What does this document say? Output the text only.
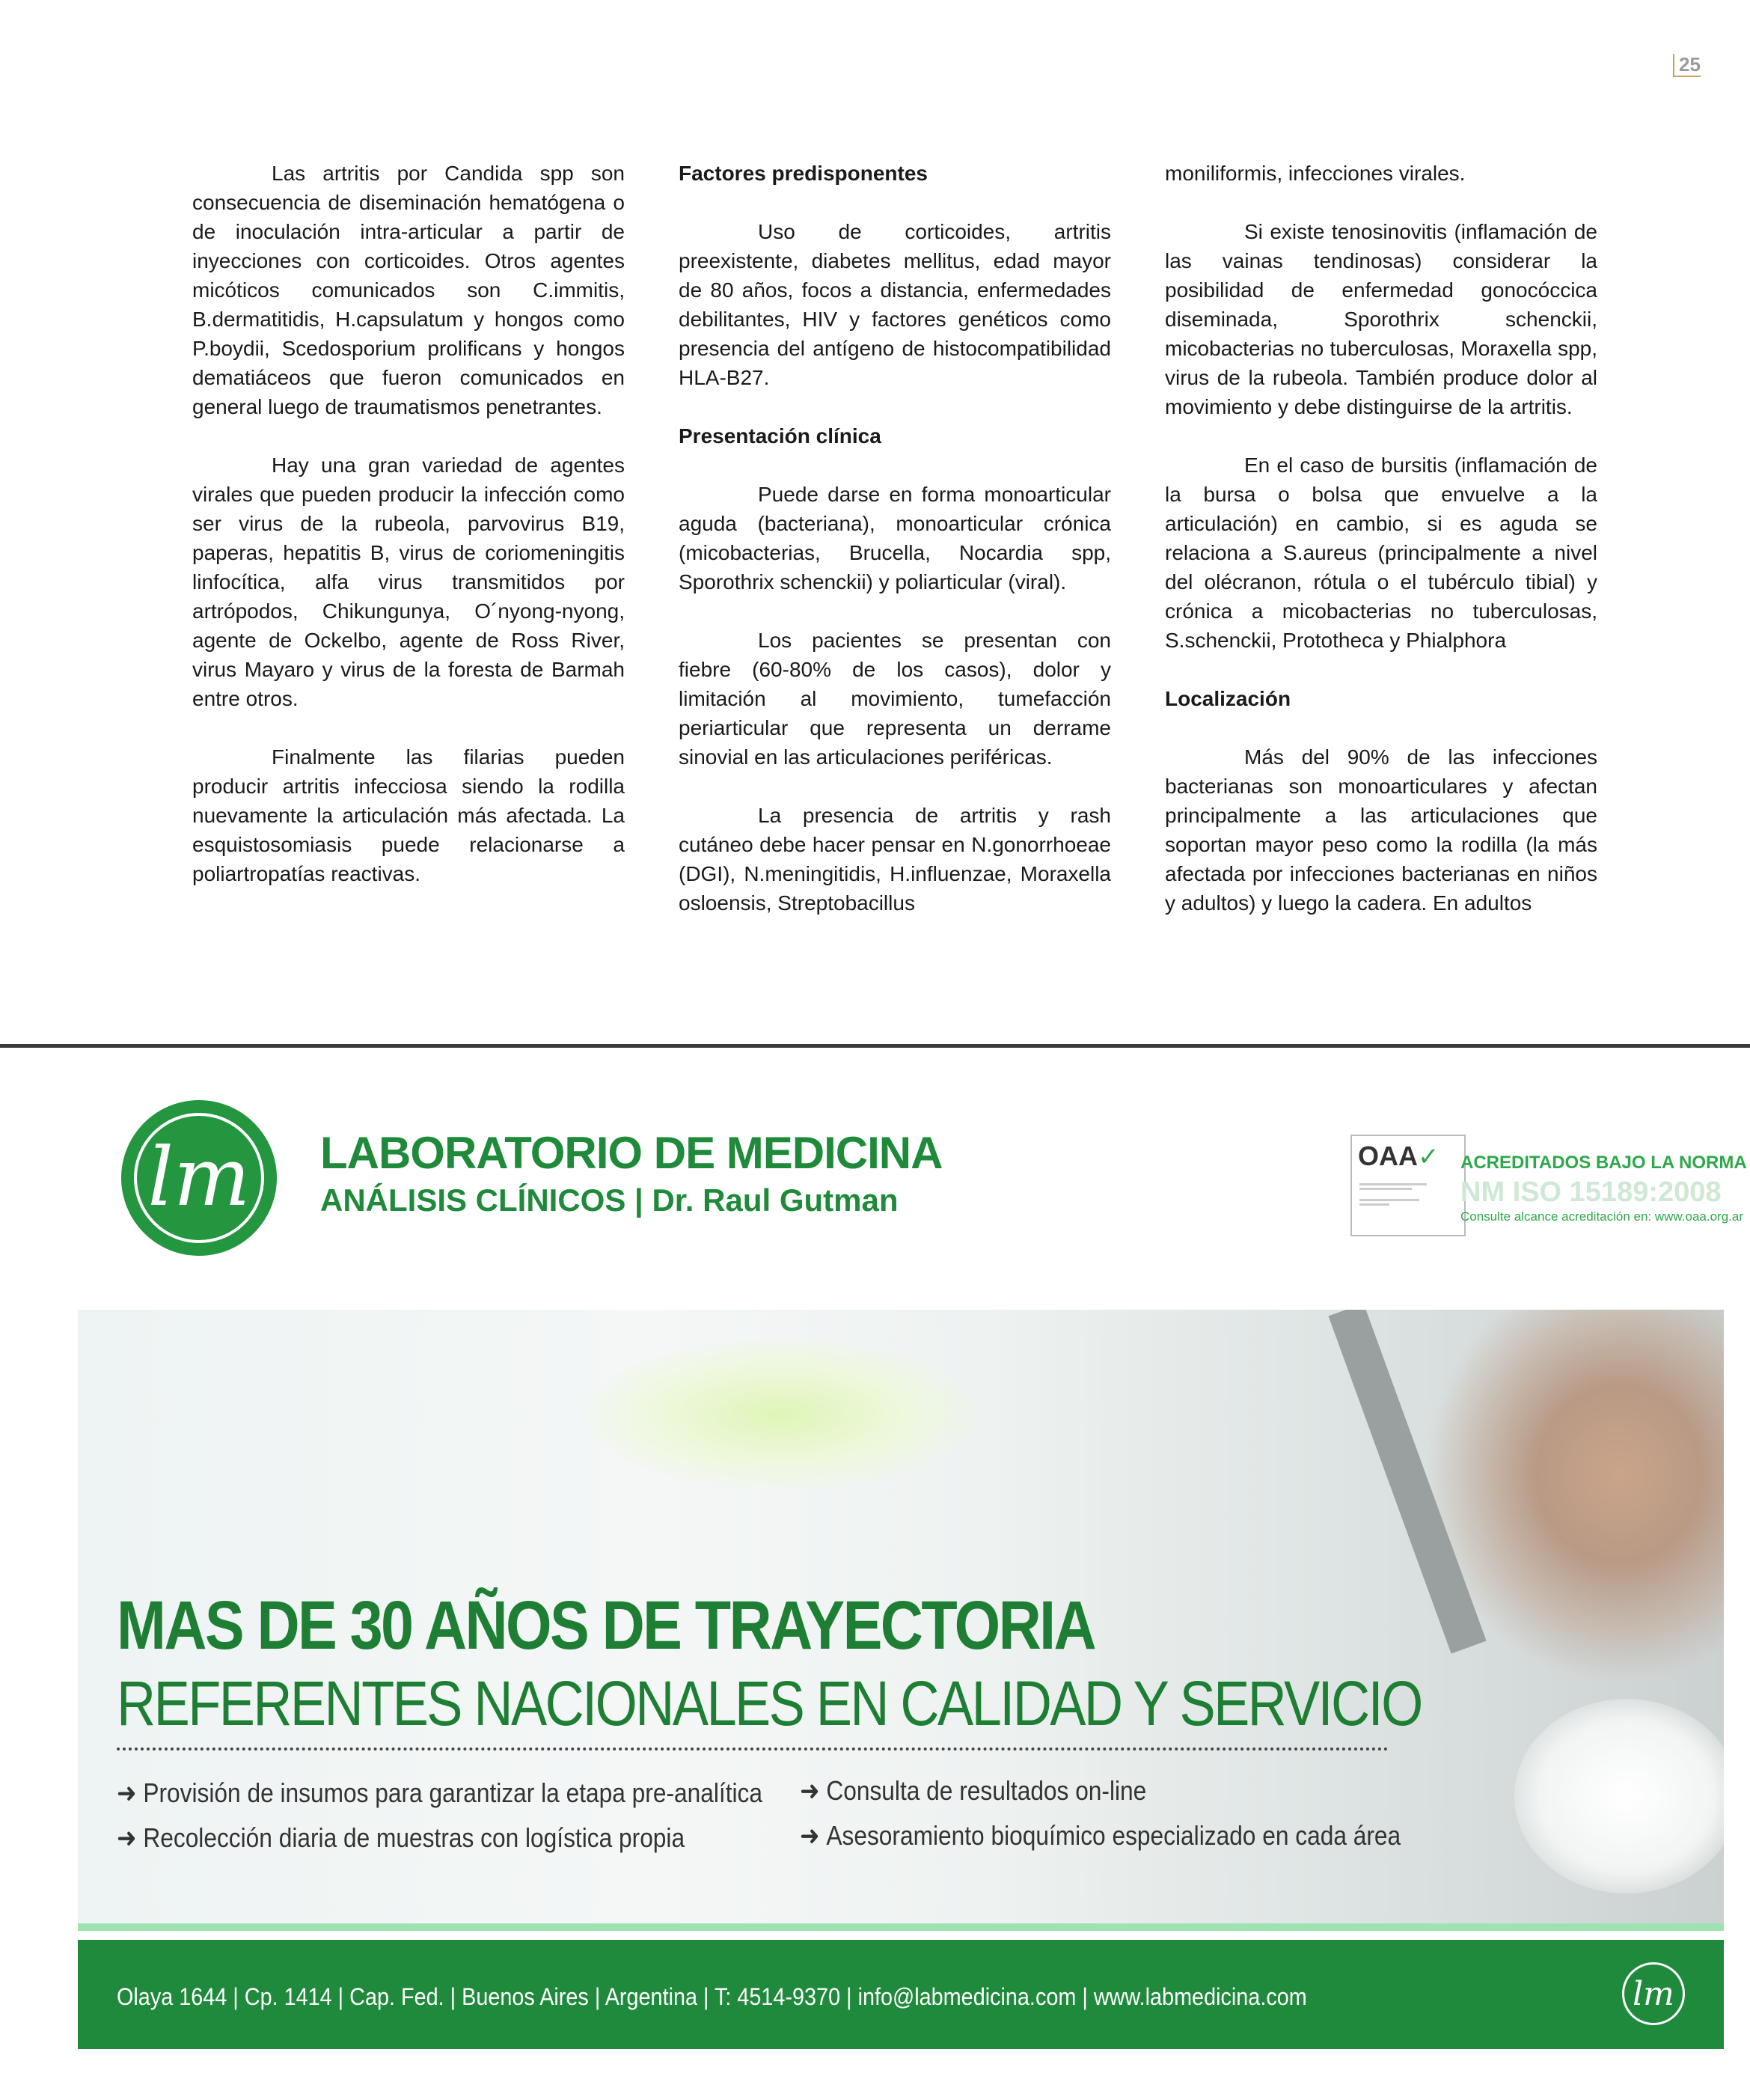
25

Las artritis por Candida spp son consecuencia de diseminación hematógena o de inoculación intra-articular a partir de inyecciones con corticoides. Otros agentes micóticos comunicados son C.immitis, B.dermatitidis, H.capsulatum y hongos como P.boydii, Scedosporium prolificans y hongos dematiáceos que fueron comunicados en general luego de traumatismos penetrantes.

Hay una gran variedad de agentes virales que pueden producir la infección como ser virus de la rubeola, parvovirus B19, paperas, hepatitis B, virus de coriomeningitis linfocítica, alfa virus transmitidos por artrópodos, Chikungunya, O´nyong-nyong, agente de Ockelbo, agente de Ross River, virus Mayaro y virus de la foresta de Barmah entre otros.

Finalmente las filarias pueden producir artritis infecciosa siendo la rodilla nuevamente la articulación más afectada. La esquistosomiasis puede relacionarse a poliartropatías reactivas.

Factores predisponentes

Uso de corticoides, artritis preexistente, diabetes mellitus, edad mayor de 80 años, focos a distancia, enfermedades debilitantes, HIV y factores genéticos como presencia del antígeno de histocompatibilidad HLA-B27.

Presentación clínica

Puede darse en forma monoarticular aguda (bacteriana), monoarticular crónica (micobacterias, Brucella, Nocardia spp, Sporothrix schenckii) y poliarticular (viral).

Los pacientes se presentan con fiebre (60-80% de los casos), dolor y limitación al movimiento, tumefacción periarticular que representa un derrame sinovial en las articulaciones periféricas.

La presencia de artritis y rash cutáneo debe hacer pensar en N.gonorrhoeae (DGI), N.meningitidis, H.influenzae, Moraxella osloensis, Streptobacillus

moniliformis, infecciones virales.

Si existe tenosinovitis (inflamación de las vainas tendinosas) considerar la posibilidad de enfermedad gonocóccica diseminada, Sporothrix schenckii, micobacterias no tuberculosas, Moraxella spp, virus de la rubeola. También produce dolor al movimiento y debe distinguirse de la artritis.

En el caso de bursitis (inflamación de la bursa o bolsa que envuelve a la articulación) en cambio, si es aguda se relaciona a S.aureus (principalmente a nivel del olécranon, rótula o el tubérculo tibial) y crónica a micobacterias no tuberculosas, S.schenckii, Prototheca y Phialphora

Localización

Más del 90% de las infecciones bacterianas son monoarticulares y afectan principalmente a las articulaciones que soportan mayor peso como la rodilla (la más afectada por infecciones bacterianas en niños y adultos) y luego la cadera. En adultos

lm LABORATORIO DE MEDICINA
ANÁLISIS CLÍNICOS | Dr. Raul Gutman
OAA✓ ACREDITADOS BAJO LA NORMA
NM ISO 15189:2008
Consulte alcance acreditación en: www.oaa.org.ar
MAS DE 30 AÑOS DE TRAYECTORIA
REFERENTES NACIONALES EN CALIDAD Y SERVICIO
➜ Provisión de insumos para garantizar la etapa pre-analítica
➜ Recolección diaria de muestras con logística propia
➜ Consulta de resultados on-line
➜ Asesoramiento bioquímico especializado en cada área
Olaya 1644 | Cp. 1414 | Cap. Fed. | Buenos Aires | Argentina | T: 4514-9370 | info@labmedicina.com | www.labmedicina.com	lm
